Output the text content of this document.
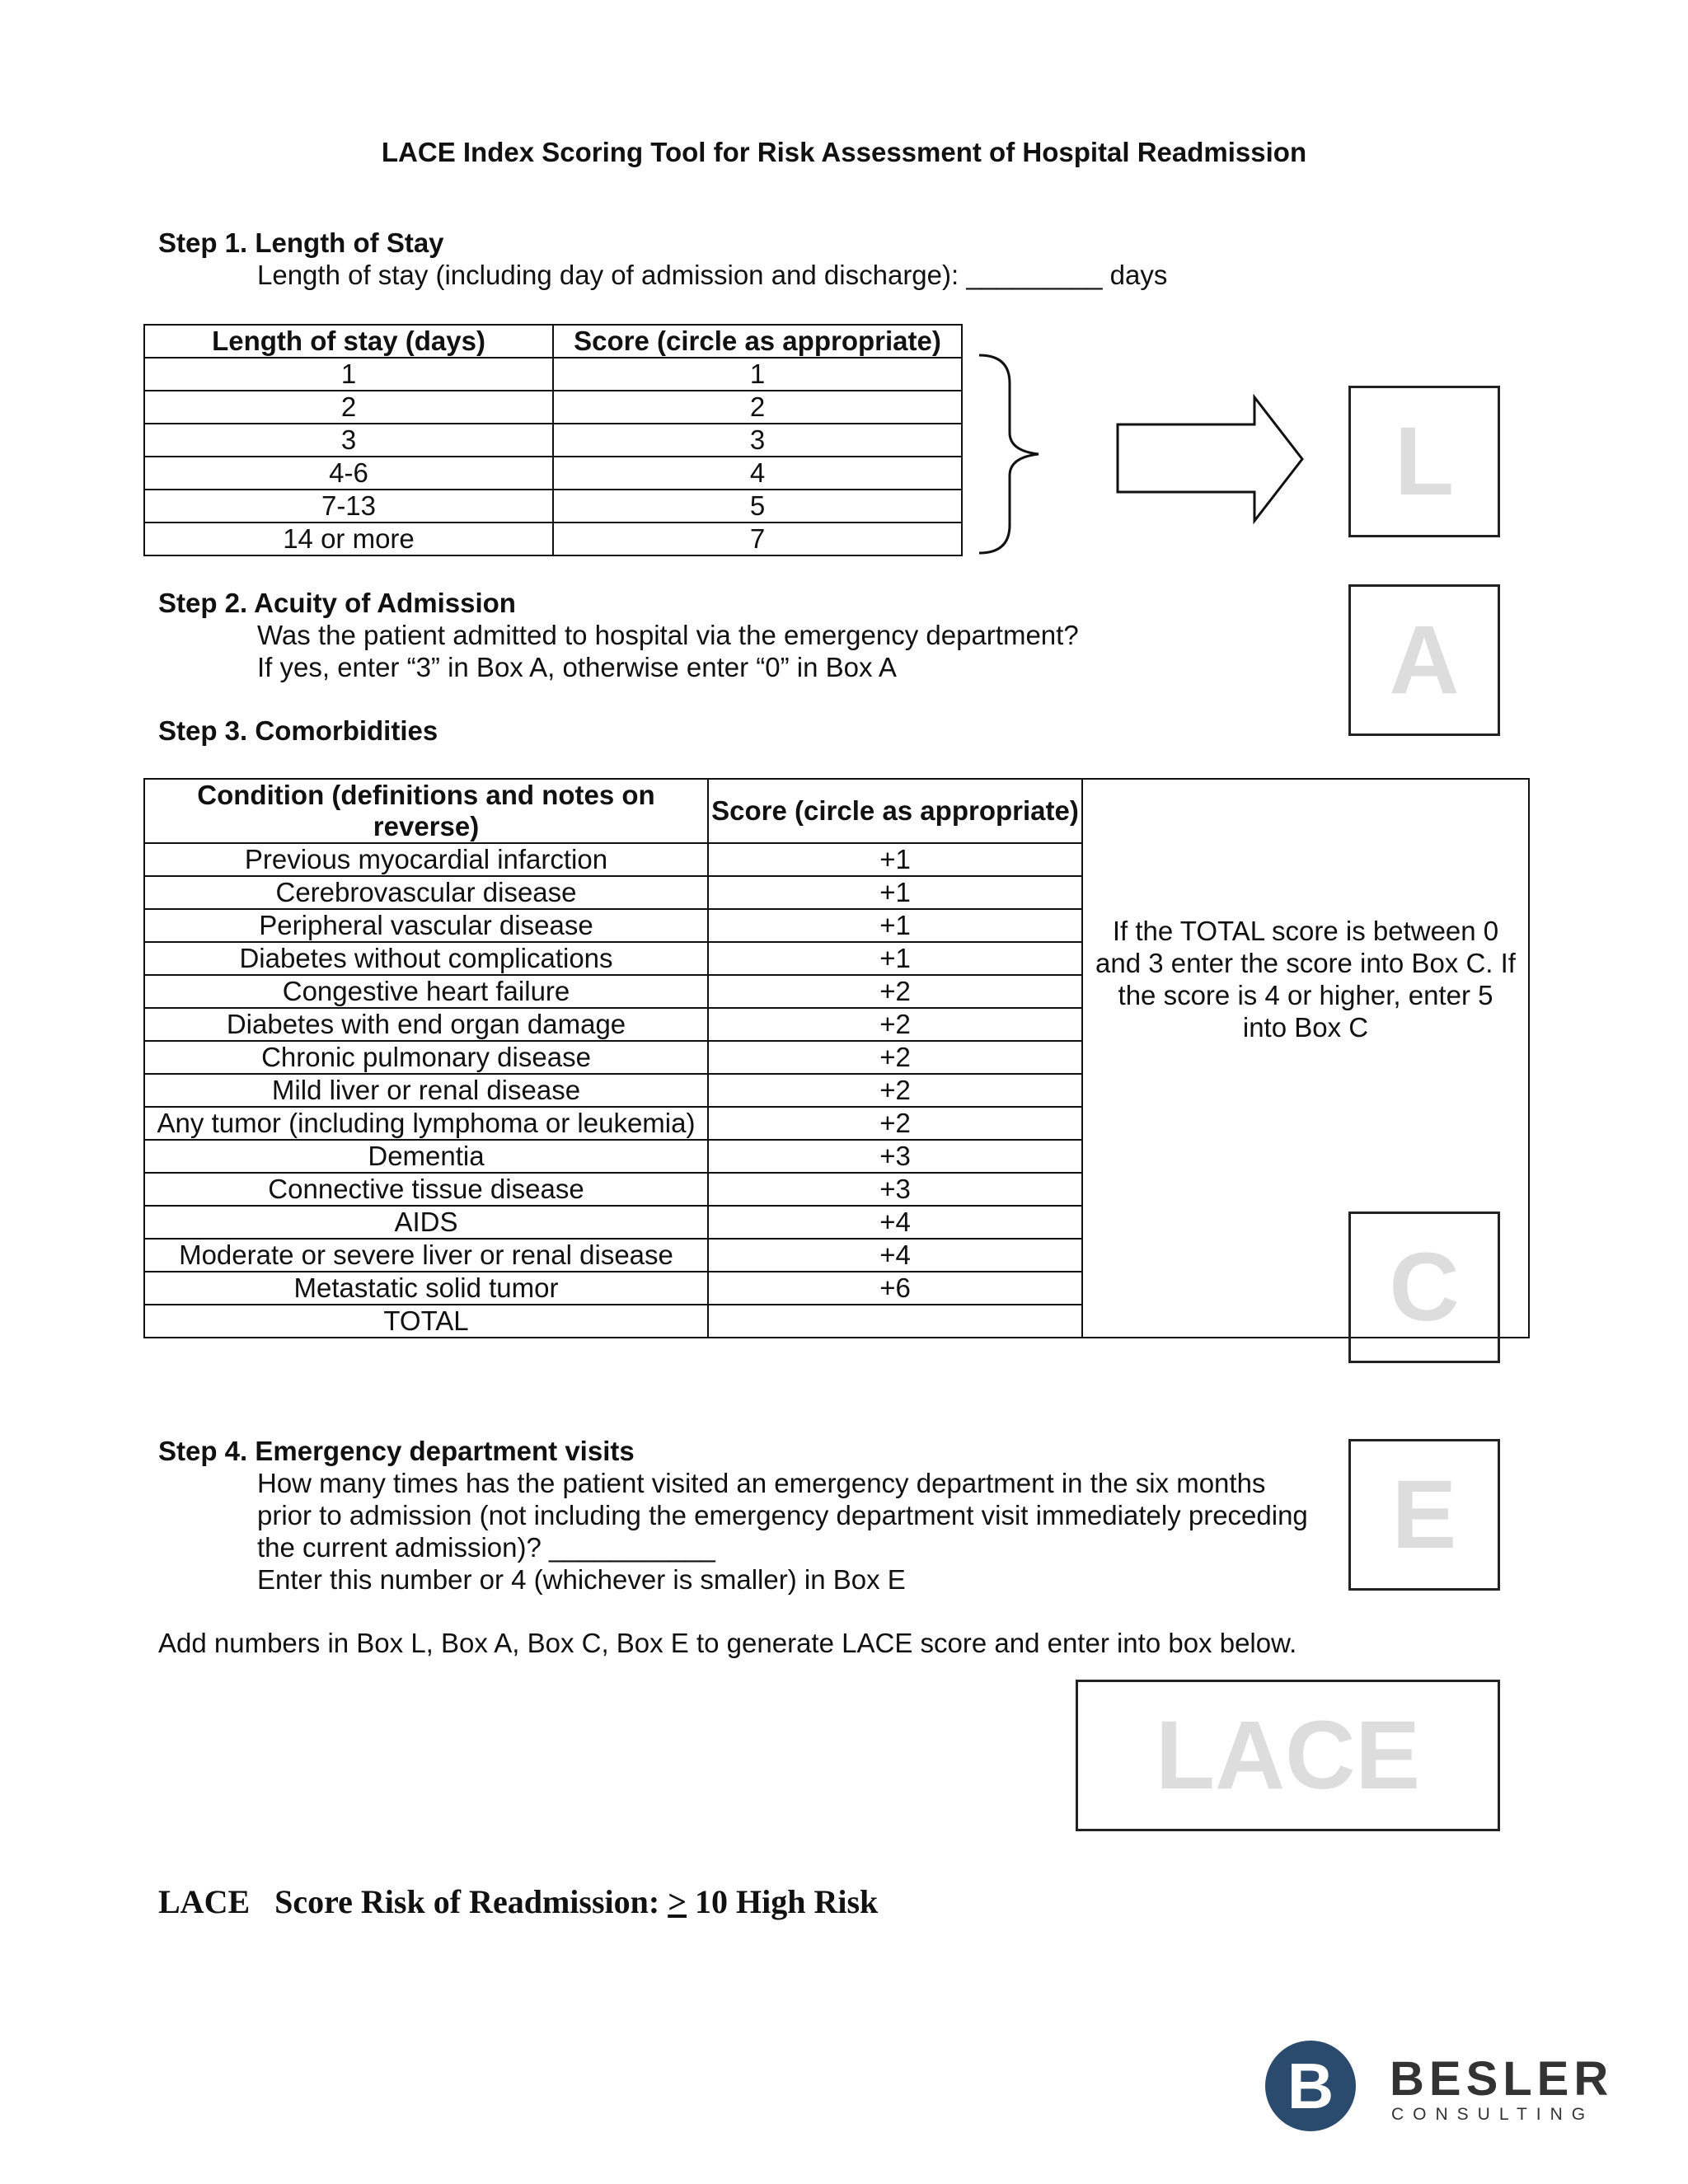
LACE Index Scoring Tool for Risk Assessment of Hospital Readmission
Step 1. Length of Stay
Length of stay (including day of admission and discharge): _________ days
Length of stay (days)	Score (circle as appropriate)
1	1
2	2
3	3
4-6	4
7-13	5
14 or more	7
L
Step 2. Acuity of Admission
Was the patient admitted to hospital via the emergency department?
If yes, enter “3” in Box A, otherwise enter “0” in Box A	A
Step 3. Comorbidities
Condition (definitions and notes on reverse)	Score (circle as appropriate)	If the TOTAL score is between 0 and 3 enter the score into Box C. If the score is 4 or higher, enter 5 into Box C

Previous myocardial infarction	+1	
Cerebrovascular disease	+1	
Peripheral vascular disease	+1	
Diabetes without complications	+1	
Congestive heart failure	+2	
Diabetes with end organ damage	+2	
Chronic pulmonary disease	+2	
Mild liver or renal disease	+2	
Any tumor (including lymphoma or leukemia)	+2	
Dementia	+3	
Connective tissue disease	+3	
AIDS	+4	
Moderate or severe liver or renal disease	+4	
Metastatic solid tumor	+6	
TOTAL			C
Step 4. Emergency department visits
How many times has the patient visited an emergency department in the six months
prior to admission (not including the emergency department visit immediately preceding
the current admission)? ___________
Enter this number or 4 (whichever is smaller) in Box E
E
Add numbers in Box L, Box A, Box C, Box E to generate LACE score and enter into box below.
LACE
LACE   Score Risk of Readmission: > 10 High Risk
B	BESLER
CONSULTING
